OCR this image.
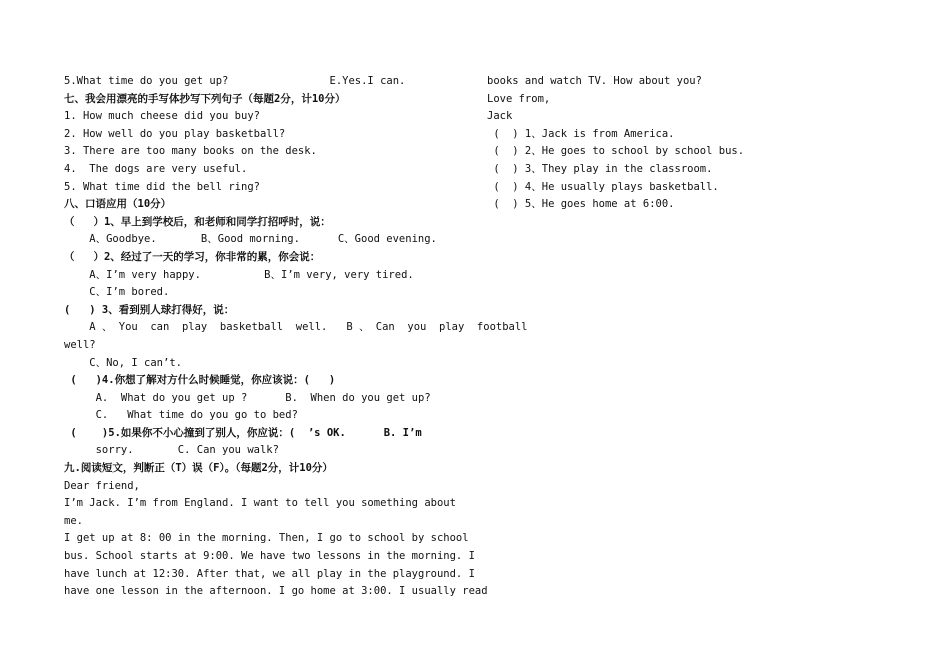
5.What time do you get up?                E.Yes.I can.
七、我会用漂亮的手写体抄写下列句子（每题2分，计10分）
1. How much cheese did you buy?
2. How well do you play basketball?
3. There are too many books on the desk.
4.  The dogs are very useful.
5. What time did the bell ring?
八、口语应用（10分）
（   ）1、早上到学校后，和老师和同学打招呼时，说：
A、Goodbye.       B、Good morning.      C、Good evening.
（   ）2、经过了一天的学习，你非常的累，你会说：
A、I’m very happy.          B、I’m very, very tired.
C、I’m bored.
(   ) 3、看到别人球打得好，说：
A 、 You  can  play  basketball  well.   B 、 Can  you  play  football
well?
C、No, I can’t.
(   )4.你想了解对方什么时候睡觉，你应该说：(   )
A.  What do you get up ?      B.  When do you get up?
C.   What time do you go to bed?
(    )5.如果你不小心撞到了别人，你应说：(  ’s OK.      B. I’m
sorry.       C. Can you walk?
九.阅读短文，判断正（T）误（F）。（每题2分，计10分）
Dear friend,
I’m Jack. I’m from England. I want to tell you something about
me.
I get up at 8: 00 in the morning. Then, I go to school by school
bus. School starts at 9:00. We have two lessons in the morning. I
have lunch at 12:30. After that, we all play in the playground. I
have one lesson in the afternoon. I go home at 3:00. I usually read
books and watch TV. How about you?
Love from,
Jack
(  ) 1、Jack is from America.
(  ) 2、He goes to school by school bus.
(  ) 3、They play in the classroom.
(  ) 4、He usually plays basketball.
(  ) 5、He goes home at 6:00.
